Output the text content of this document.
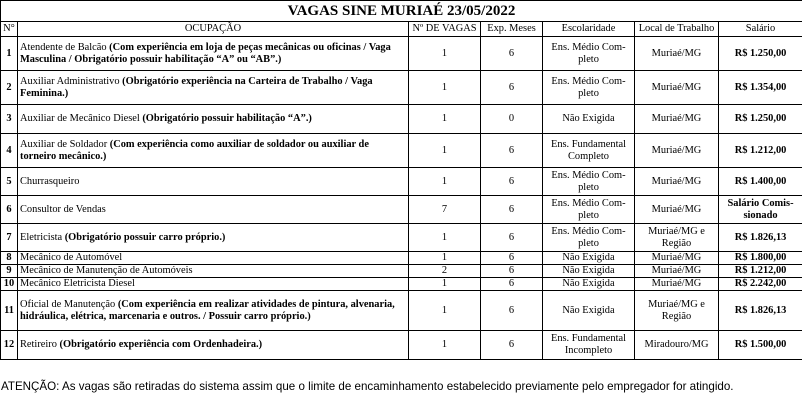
VAGAS SINE MURIAÉ 23/05/2022						
N°	OCUPAÇÃO	Nº DE VAGAS	Exp. Meses	Escolaridade	Local de Trabalho	Salário
1	Atendente de Balcão (Com experiência em loja de peças mecânicas ou oficinas / Vaga Masculina / Obrigatório possuir habilitação “A” ou “AB”.)	1	6	Ens. Médio Com-pleto	Muriaé/MG	R$ 1.250,00
2	Auxiliar Administrativo (Obrigatório experiência na Carteira de Trabalho / Vaga Feminina.)	1	6	Ens. Médio Com-pleto	Muriaé/MG	R$ 1.354,00
3	Auxiliar de Mecânico Diesel (Obrigatório possuir habilitação “A”.)	1	0	Não Exigida	Muriaé/MG	R$ 1.250,00
4	Auxiliar de Soldador (Com experiência como auxiliar de soldador ou auxiliar de torneiro mecânico.)	1	6	Ens. Fundamental Completo	Muriaé/MG	R$ 1.212,00
5	Churrasqueiro	1	6	Ens. Médio Com-pleto	Muriaé/MG	R$ 1.400,00
6	Consultor de Vendas	7	6	Ens. Médio Com-pleto	Muriaé/MG	Salário Comis-sionado
7	Eletricista (Obrigatório possuir carro próprio.)	1	6	Ens. Médio Com-pleto	Muriaé/MG e Região	R$ 1.826,13
8	Mecânico de Automóvel	1	6	Não Exigida	Muriaé/MG	R$ 1.800,00
9	Mecânico de Manutenção de Automóveis	2	6	Não Exigida	Muriaé/MG	R$ 1.212,00
10	Mecânico Eletricista Diesel	1	6	Não Exigida	Muriaé/MG	R$ 2.242,00
11	Oficial de Manutenção (Com experiência em realizar atividades de pintura, alvenaria, hidráulica, elétrica, marcenaria e outros. / Possuir carro próprio.)	1	6	Não Exigida	Muriaé/MG e Região	R$ 1.826,13
12	Retireiro (Obrigatório experiência com Ordenhadeira.)	1	6	Ens. Fundamental Incompleto	Miradouro/MG	R$ 1.500,00
ATENÇÃO: As vagas são retiradas do sistema assim que o limite de encaminhamento estabelecido previamente pelo empregador for atingido.
